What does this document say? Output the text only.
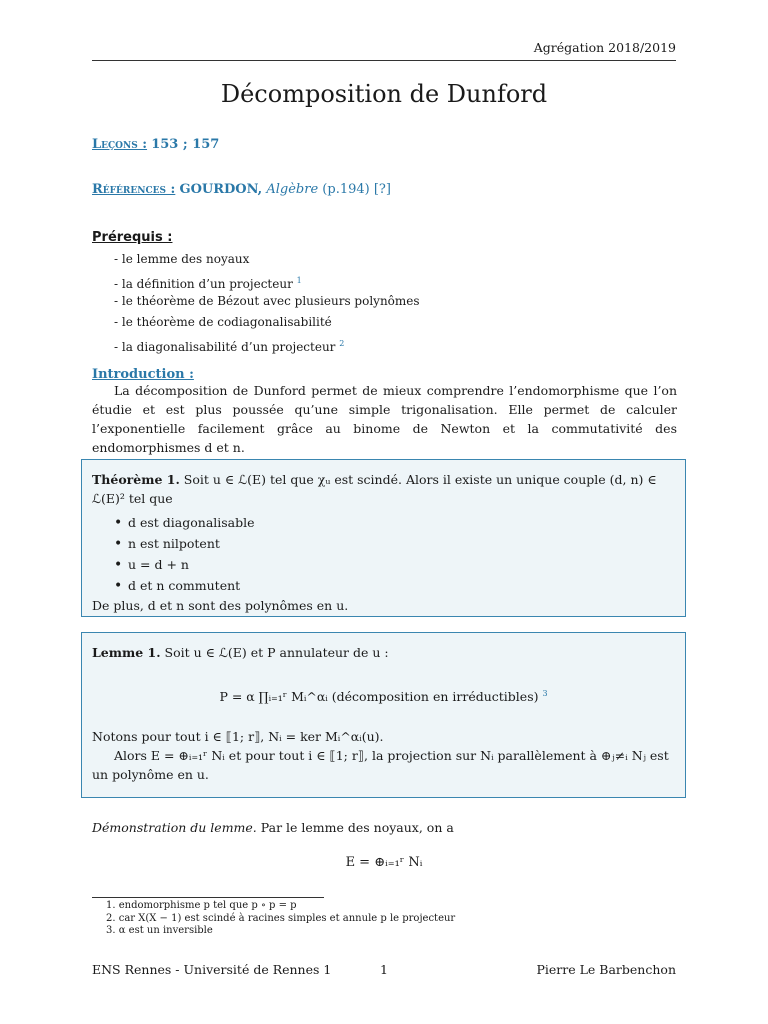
Agrégation 2018/2019
Décomposition de Dunford
Leçons : 153 ; 157
Références : GOURDON, Algèbre (p.194) [?]
Prérequis :
- le lemme des noyaux
- la définition d’un projecteur $^1$
- le théorème de Bézout avec plusieurs polynômes
- le théorème de codiagonalisabilité
- la diagonalisabilité d’un projecteur $^2$
Introduction :
La décomposition de Dunford permet de mieux comprendre l’endomorphisme que l’on étudie et est plus poussée qu’une simple trigonalisation. Elle permet de calculer l’exponentielle facilement grâce au binome de Newton et la commutativité des endomorphismes d et n.

Théorème 1. Soit u ∈ ℒ(E) tel que χᵤ est scindé. Alors il existe un unique couple (d, n) ∈ ℒ(E)² tel que

• d est diagonalisable
• n est nilpotent
• u = d + n
• d et n commutent

De plus, d et n sont des polynômes en u.

Lemme 1. Soit u ∈ ℒ(E) et P annulateur de u :

P = α ∏ᵢ₌₁ʳ Mᵢ^αᵢ (décomposition en irréductibles) $^3$

Notons pour tout i ∈ ⟦1; r⟧, Nᵢ = ker Mᵢ^αᵢ(u).

Alors E = ⊕ᵢ₌₁ʳ Nᵢ et pour tout i ∈ ⟦1; r⟧, la projection sur Nᵢ parallèlement à ⊕ⱼ≠ᵢ Nⱼ est un polynôme en u.

Démonstration du lemme. Par le lemme des noyaux, on a
E = ⊕ᵢ₌₁ʳ Nᵢ
1. endomorphisme p tel que p ∘ p = p
2. car X(X − 1) est scindé à racines simples et annule p le projecteur
3. α est un inversible
ENS Rennes - Université de Rennes 1	1	Pierre Le Barbenchon
